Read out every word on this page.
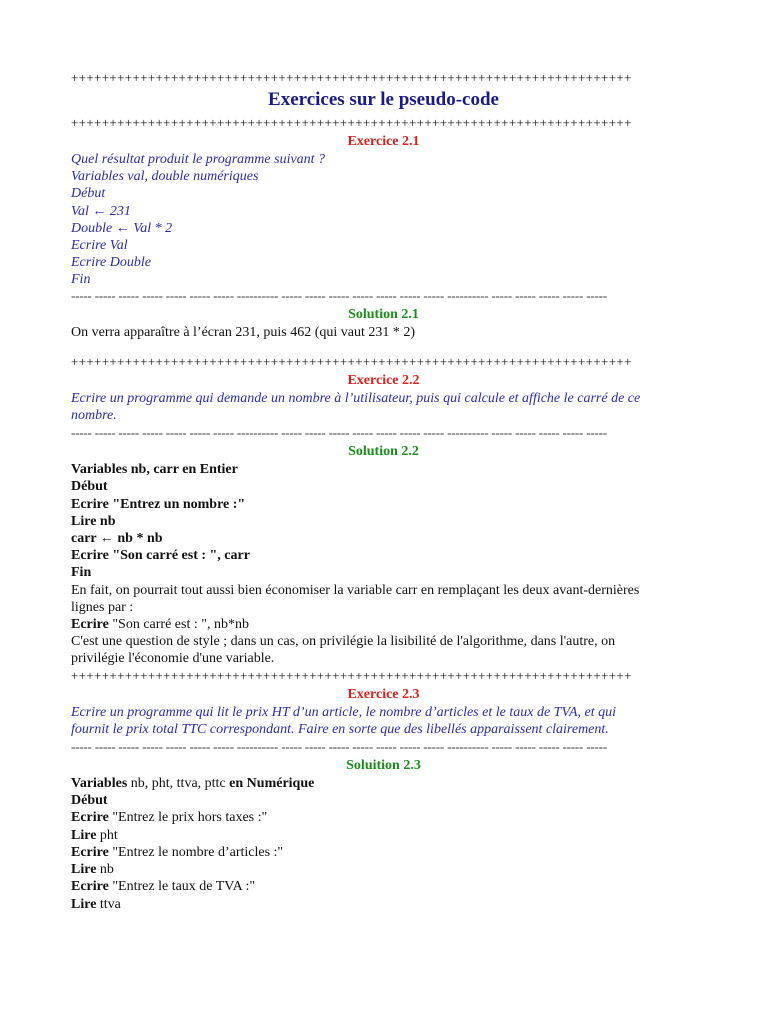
+++++++++++++++++++++++++++++++++++++++++++++++++++++++++++++++++++++++++
Exercices sur le pseudo-code
+++++++++++++++++++++++++++++++++++++++++++++++++++++++++++++++++++++++++
Exercice 2.1
Quel résultat produit le programme suivant ?
Variables val, double numériques
Début
Val ← 231
Double ← Val * 2
Ecrire Val
Ecrire Double
Fin
----- ----- ----- ----- ----- ----- ----- ---------- ----- ----- ----- ----- ----- ----- ----- ---------- ----- ----- ----- ----- -----
Solution 2.1
On verra apparaître à l’écran 231, puis 462 (qui vaut 231 * 2)
+++++++++++++++++++++++++++++++++++++++++++++++++++++++++++++++++++++++++
Exercice 2.2
Ecrire un programme qui demande un nombre à l’utilisateur, puis qui calcule et affiche le carré de ce
nombre.
----- ----- ----- ----- ----- ----- ----- ---------- ----- ----- ----- ----- ----- ----- ----- ---------- ----- ----- ----- ----- -----
Solution 2.2
Variables nb, carr en Entier
Début
Ecrire "Entrez un nombre :"
Lire nb
carr ← nb * nb
Ecrire "Son carré est : ", carr
Fin
En fait, on pourrait tout aussi bien économiser la variable carr en remplaçant les deux avant-dernières
lignes par :
Ecrire "Son carré est : ", nb*nb
C'est une question de style ; dans un cas, on privilégie la lisibilité de l'algorithme, dans l'autre, on
privilégie l'économie d'une variable.
+++++++++++++++++++++++++++++++++++++++++++++++++++++++++++++++++++++++++
Exercice 2.3
Ecrire un programme qui lit le prix HT d’un article, le nombre d’articles et le taux de TVA, et qui
fournit le prix total TTC correspondant. Faire en sorte que des libellés apparaissent clairement.
----- ----- ----- ----- ----- ----- ----- ---------- ----- ----- ----- ----- ----- ----- ----- ---------- ----- ----- ----- ----- -----
Soluition 2.3
Variables nb, pht, ttva, pttc en Numérique
Début
Ecrire "Entrez le prix hors taxes :"
Lire pht
Ecrire "Entrez le nombre d’articles :"
Lire nb
Ecrire "Entrez le taux de TVA :"
Lire ttva
